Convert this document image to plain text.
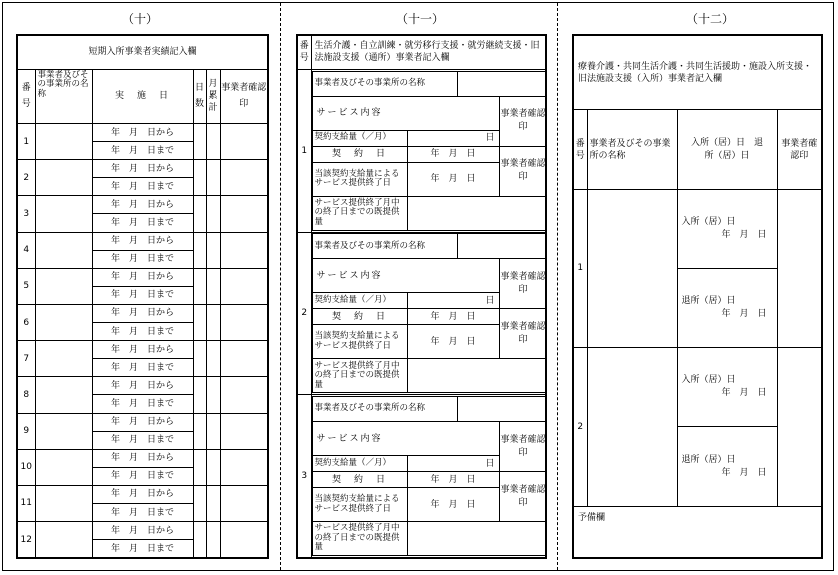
（十）
短期入所事業者実績記入欄					
番号	事業者及びその事業所の名称	実　施　日	日数	月累計	事業者確認印
1		年　月　日から			
		年　月　日まで			
2		年　月　日から			
		年　月　日まで			
3		年　月　日から			
		年　月　日まで			
4		年　月　日から			
		年　月　日まで			
5		年　月　日から			
		年　月　日まで			
6		年　月　日から			
		年　月　日まで			
7		年　月　日から			
		年　月　日まで			
8		年　月　日から			
		年　月　日まで			
9		年　月　日から			
		年　月　日まで			
10		年　月　日から			
		年　月　日まで			
11		年　月　日から			
		年　月　日まで			
12		年　月　日から			
		年　月　日まで			
（十一）
番号	生活介護・自立訓練・就労移行支援・就労継続支援・旧法施設支援（通所）事業者記入欄
1	
事業者及びその事業所の名称	
サービス内容	事業者確認印
契約支給量（／月）	日
契　約　日	年　月　日	事業者確認印
当該契約支給量によるサービス提供終了日	年　月　日
サービス提供終了月中の終了日までの既提供量	

2	
事業者及びその事業所の名称	
サービス内容	事業者確認印
契約支給量（／月）	日
契　約　日	年　月　日	事業者確認印
当該契約支給量によるサービス提供終了日	年　月　日
サービス提供終了月中の終了日までの既提供量	

3	
事業者及びその事業所の名称	
サービス内容	事業者確認印
契約支給量（／月）	日
契　約　日	年　月　日	事業者確認印
当該契約支給量によるサービス提供終了日	年　月　日
サービス提供終了月中の終了日までの既提供量	
（十二）
療養介護・共同生活介護・共同生活援助・施設入所支援・旧法施設支援（入所）事業者記入欄			
番号	事業者及びその事業所の名称	入所（居）日　退所（居）日	事業者確認印
1		入所（居）日
年　月　日	

		退所（居）日
年　月　日	

2		入所（居）日
年　月　日	

		退所（居）日
年　月　日	

予備欄			
